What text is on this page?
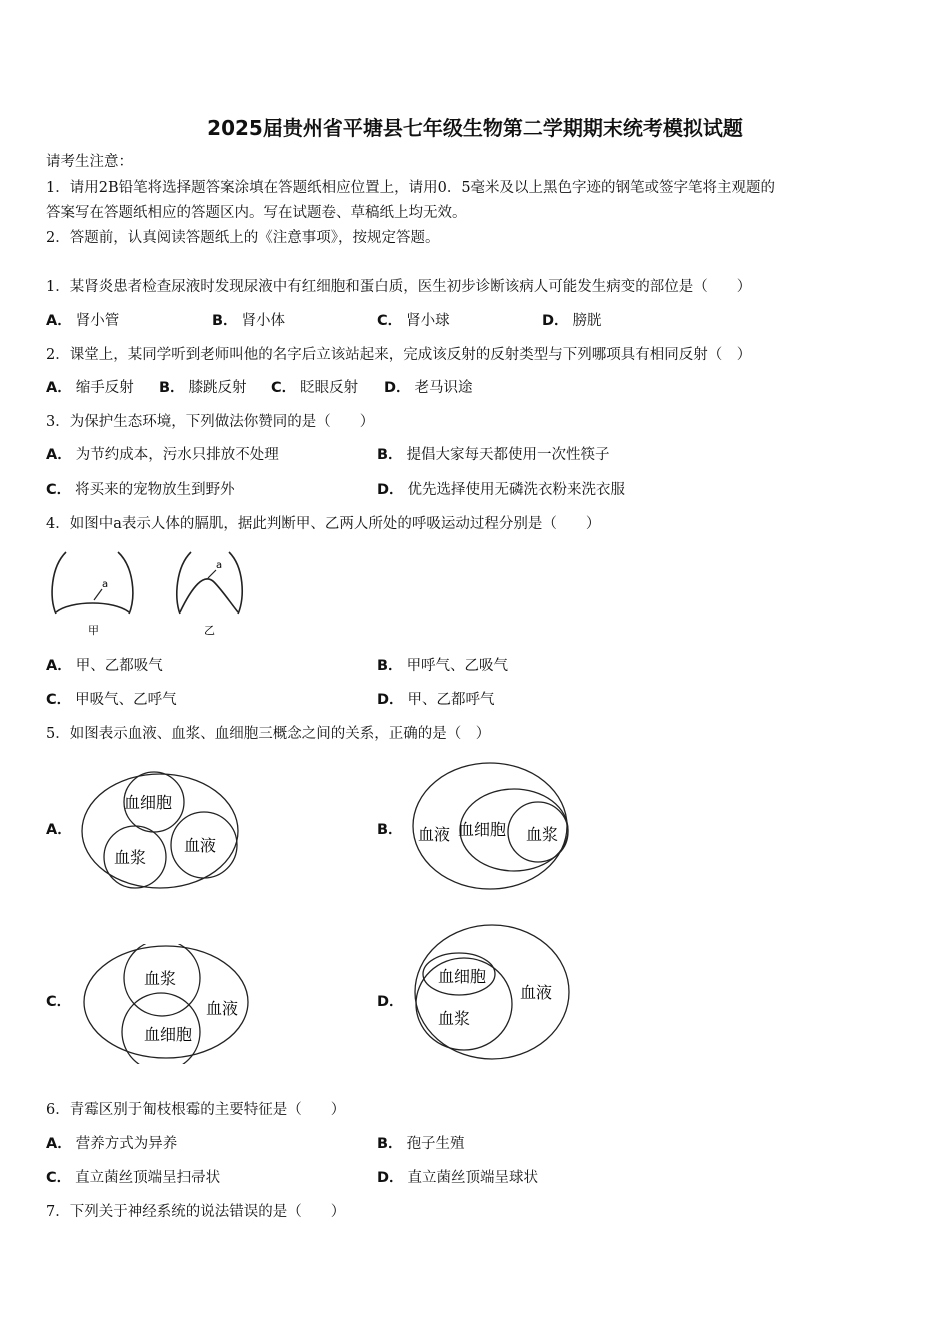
2025届贵州省平塘县七年级生物第二学期期末统考模拟试题
请考生注意：
1．请用2B铅笔将选择题答案涂填在答题纸相应位置上，请用0．5毫米及以上黑色字迹的钢笔或签字笔将主观题的
答案写在答题纸相应的答题区内。写在试题卷、草稿纸上均无效。
2．答题前，认真阅读答题纸上的《注意事项》，按规定答题。
1．某肾炎患者检查尿液时发现尿液中有红细胞和蛋白质，医生初步诊断该病人可能发生病变的部位是（　　）
A． 肾小管	B． 肾小体	C． 肾小球	D． 膀胱
2．课堂上，某同学听到老师叫他的名字后立该站起来，完成该反射的反射类型与下列哪项具有相同反射（　）
A． 缩手反射 B． 膝跳反射 C． 眨眼反射 D． 老马识途
3．为保护生态环境，下列做法你赞同的是（　　）
A． 为节约成本，污水只排放不处理	B． 提倡大家每天都使用一次性筷子
C． 将买来的宠物放生到野外	D． 优先选择使用无磷洗衣粉来洗衣服
4．如图中a表示人体的膈肌，据此判断甲、乙两人所处的呼吸运动过程分别是（　　）
a
甲
a
乙
A． 甲、乙都吸气	B． 甲呼气、乙吸气
C． 甲吸气、乙呼气	D． 甲、乙都呼气
5．如图表示血液、血浆、血细胞三概念之间的关系，正确的是（　）
A．
血细胞
血浆
血液
B． 血液 血细胞 血浆
C．
血浆
血液
血细胞
D．
血细胞
血浆
血液
6．青霉区别于匍枝根霉的主要特征是（　　）
A． 营养方式为异养	B． 孢子生殖
C． 直立菌丝顶端呈扫帚状	D． 直立菌丝顶端呈球状
7．下列关于神经系统的说法错误的是（　　）
